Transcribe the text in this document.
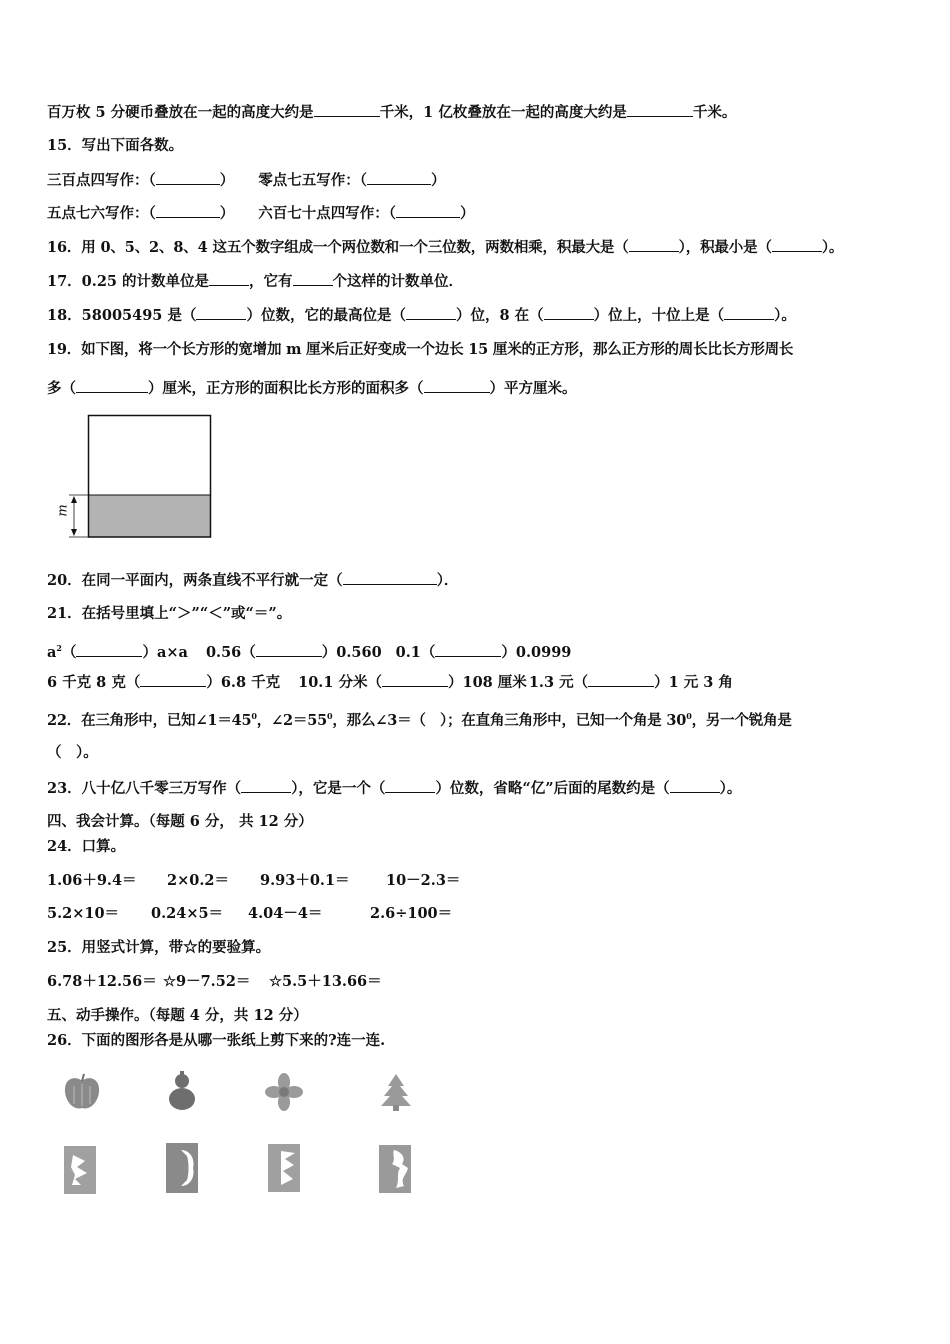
百万枚 5 分硬币叠放在一起的高度大约是	千米，1 亿枚叠放在一起的高度大约是	千米。
15．写出下面各数。
三百点四写作：（	） 零点七五写作：（	）
五点七六写作：（	） 六百七十点四写作：（	）
16．用 0、5、2、8、4 这五个数字组成一个两位数和一个三位数，两数相乘，积最大是（	），积最小是（	）。
17．0.25 的计数单位是	，它有	个这样的计数单位．
18．58005495 是（	）位数，它的最高位是（	）位，8 在（	）位上，十位上是（	）。
19．如下图，将一个长方形的宽增加 m 厘米后正好变成一个边长 15 厘米的正方形，那么正方形的周长比长方形周长
多（	）厘米，正方形的面积比长方形的面积多（	）平方厘米。
m
20．在同一平面内，两条直线不平行就一定（	）．
21．在括号里填上“＞”“＜”或“＝”。
$a^2$（	）a×a 0.56（	）0.560 0.1（	）0.0999
6 千克 8 克（	）6.8 千克 10.1 分米（	）108 厘米 1.3 元（	）1 元 3 角
22．在三角形中，已知$\angle 1=45^0$，$\angle 2=55^0$，那么∠3＝（　）；在直角三角形中，已知一个角是 $30^0$，另一个锐角是
（　）。
23．八十亿八千零三万写作（	），它是一个（	）位数，省略“亿”后面的尾数约是（	）。
四、我会计算。（每题 6 分， 共 12 分）
24．口算。
1.06＋9.4＝ 2×0.2＝ 9.93＋0.1＝	10－2.3＝
5.2×10＝ 0.24×5＝ 4.04－4＝	2.6÷100＝
25．用竖式计算，带☆的要验算。
6.78＋12.56＝ ☆9－7.52＝ ☆5.5＋13.66＝
五、动手操作。（每题 4 分，共 12 分）
26．下面的图形各是从哪一张纸上剪下来的?连一连.
